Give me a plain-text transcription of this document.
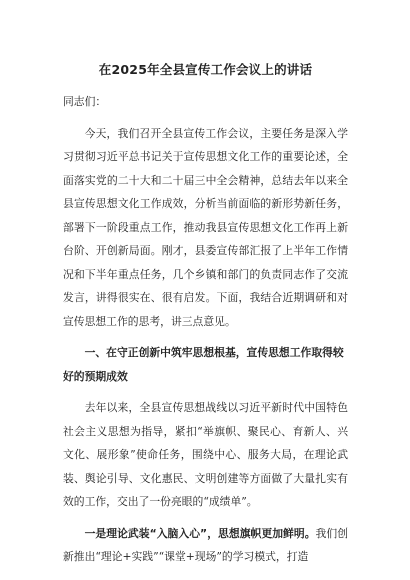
在2025年全县宣传工作会议上的讲话

同志们：

今天，我们召开全县宣传工作会议，主要任务是深入学习贯彻习近平总书记关于宣传思想文化工作的重要论述，全面落实党的二十大和二十届三中全会精神，总结去年以来全县宣传思想文化工作成效，分析当前面临的新形势新任务，部署下一阶段重点工作，推动我县宣传思想文化工作再上新台阶、开创新局面。刚才，县委宣传部汇报了上半年工作情况和下半年重点任务，几个乡镇和部门的负责同志作了交流发言，讲得很实在、很有启发。下面，我结合近期调研和对宣传思想工作的思考，讲三点意见。

一、在守正创新中筑牢思想根基，宣传思想工作取得较好的预期成效

去年以来，全县宣传思想战线以习近平新时代中国特色社会主义思想为指导，紧扣“举旗帜、聚民心、育新人、兴文化、展形象”使命任务，围绕中心、服务大局，在理论武装、舆论引导、文化惠民、文明创建等方面做了大量扎实有效的工作，交出了一份亮眼的“成绩单”。

一是理论武装“入脑入心”，思想旗帜更加鲜明。我们创新推出“理论+实践”“课堂+现场”的学习模式，打造
